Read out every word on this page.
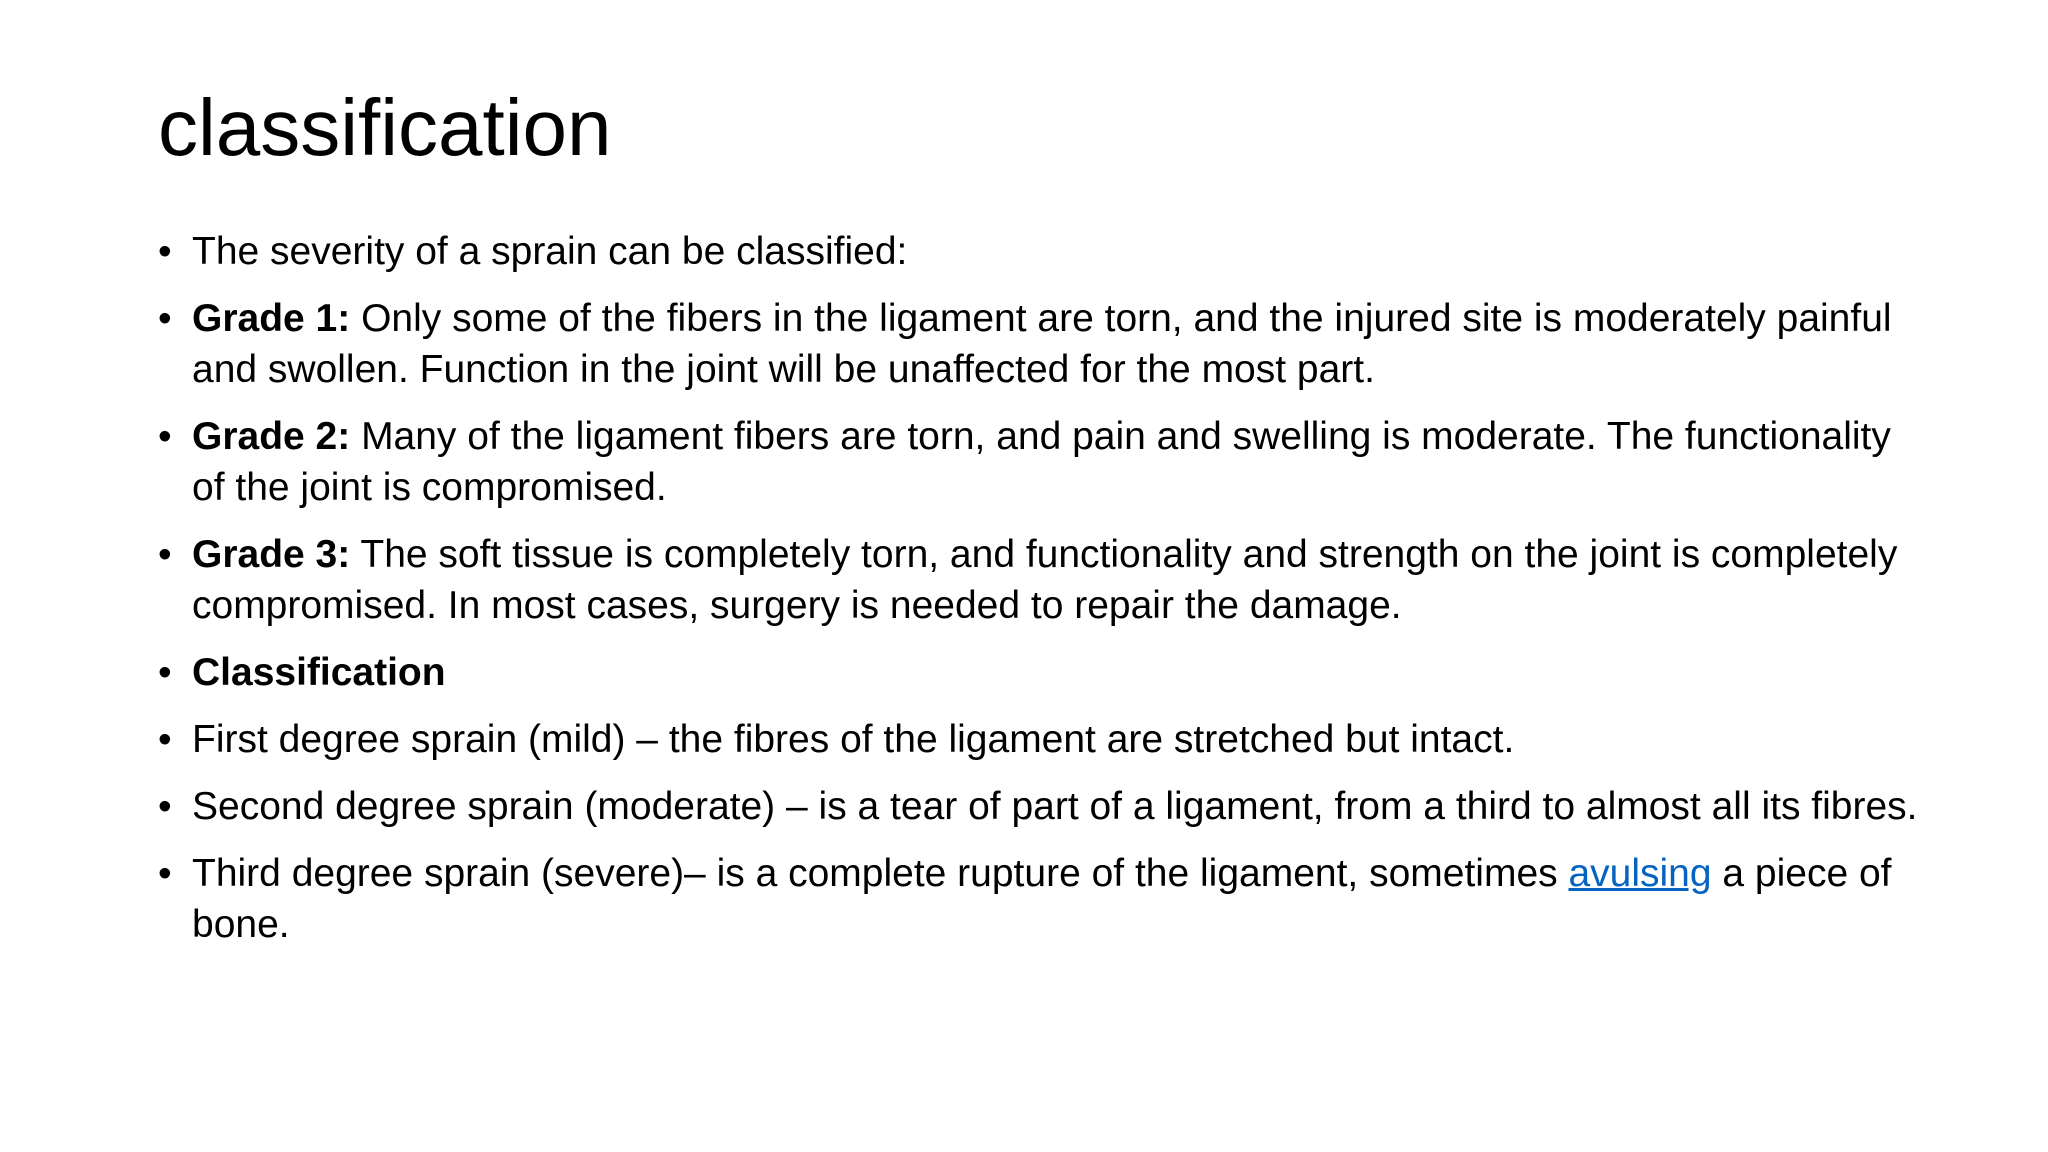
classification
• The severity of a sprain can be classified:
• Grade 1: Only some of the fibers in the ligament are torn, and the injured site is moderately painful and swollen. Function in the joint will be unaffected for the most part.
• Grade 2: Many of the ligament fibers are torn, and pain and swelling is moderate. The functionality of the joint is compromised.
• Grade 3: The soft tissue is completely torn, and functionality and strength on the joint is completely compromised. In most cases, surgery is needed to repair the damage.
• Classification
• First degree sprain (mild) – the fibres of the ligament are stretched but intact.
• Second degree sprain (moderate) – is a tear of part of a ligament, from a third to almost all its fibres.
• Third degree sprain (severe)– is a complete rupture of the ligament, sometimes avulsing a piece of bone.
